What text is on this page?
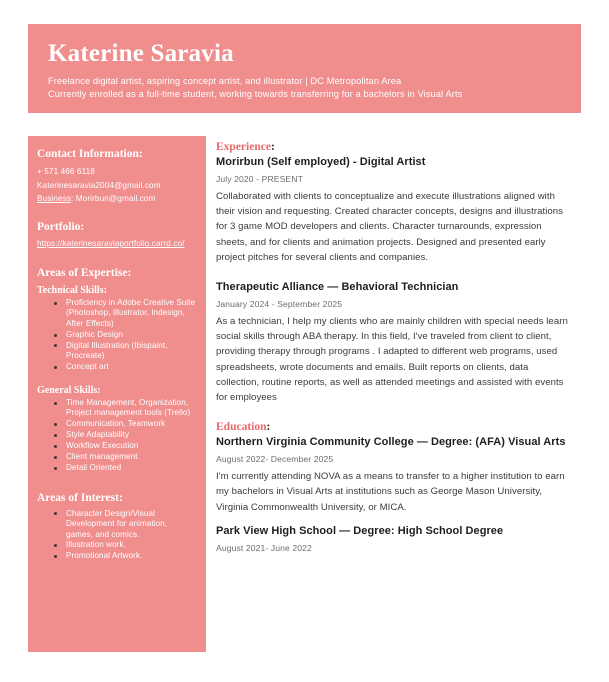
Katerine Saravia
Freelance digital artist, aspiring concept artist, and illustrator | DC Metropolitan Area
Currently enrolled as a full-time student, working towards transferring for a bachelors in Visual Arts
Contact Information:
+ 571 466 6118
Katerinesaravia2004@gmail.com
Business: Morirbun@gmail.com
Portfolio:
https://katerinesaraviaportfolio.carrd.co/
Areas of Expertise:
Technical Skills:
Proficiency in Adobe Creative Suite (Photoshop, Illustrator, Indesign, After Effects)
Graphic Design
Digital Illustration (Ibispaint, Procreate)
Concept art
General Skills:
Time Management, Organization, Project management tools (Trello)
Communication, Teamwork
Style Adaptability
Workflow Execution
Client management
Detail Oriented
Areas of Interest:
Character Design/Visual Development for animation, games, and comics.
Illustration work.
Promotional Artwork.
Experience:
Morirbun (Self employed) - Digital Artist
July 2020 - PRESENT
Collaborated with clients to conceptualize and execute illustrations aligned with their vision and requesting. Created character concepts, designs and illustrations for 3 game MOD developers and clients. Character turnarounds, expression sheets, and for clients and animation projects. Designed and presented early project pitches for several clients and companies.
Therapeutic Alliance — Behavioral Technician
January 2024 - September 2025
As a technician, I help my clients who are mainly children with special needs learn social skills through ABA therapy. In this field, I've traveled from client to client, providing therapy through programs . I adapted to different web programs, used spreadsheets, wrote documents and emails. Built reports on clients, data collection, routine reports, as well as attended meetings and assisted with events for employees
Education:
Northern Virginia Community College — Degree: (AFA) Visual Arts
August 2022- December 2025
I'm currently attending NOVA as a means to transfer to a higher institution to earn my bachelors in Visual Arts at institutions such as George Mason University, Virginia Commonwealth University, or MICA.
Park View High School — Degree: High School Degree
August 2021- June 2022
